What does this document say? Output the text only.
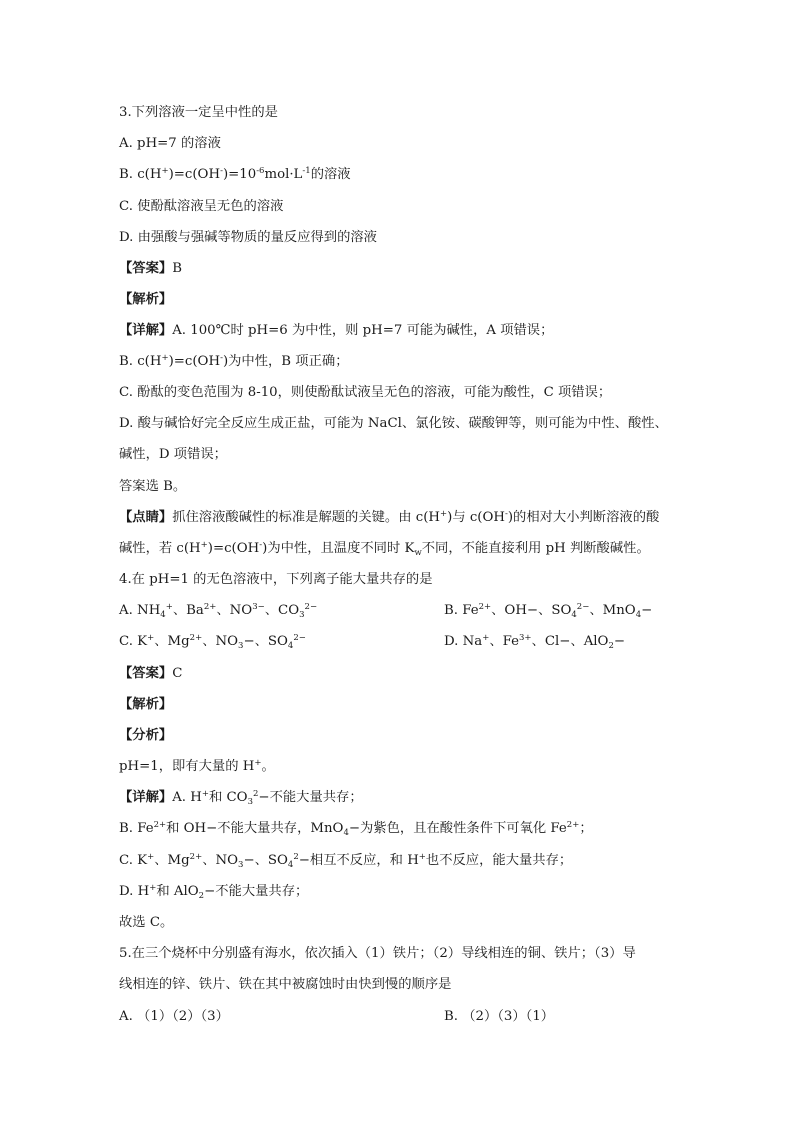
3.下列溶液一定呈中性的是
A. pH=7 的溶液
B. $c(H^+)=c(OH^-)=10^{-6}mol\cdot L^{-1}$的溶液
C. 使酚酞溶液呈无色的溶液
D. 由强酸与强碱等物质的量反应得到的溶液
【答案】B
【解析】
【详解】A. 100℃时 pH=6 为中性，则 pH=7 可能为碱性，A 项错误；
B. c(H+)=c(OH-)为中性，B 项正确；
C. 酚酞的变色范围为 8-10，则使酚酞试液呈无色的溶液，可能为酸性，C 项错误；
D. 酸与碱恰好完全反应生成正盐，可能为 NaCl、氯化铵、碳酸钾等，则可能为中性、酸性、
碱性，D 项错误；
答案选 B。
【点睛】抓住溶液酸碱性的标准是解题的关键。由 c(H+)与 c(OH-)的相对大小判断溶液的酸
碱性，若 c(H+)=c(OH-)为中性，且温度不同时 $K_w$不同，不能直接利用 pH 判断酸碱性。
4.在 pH=1 的无色溶液中，下列离子能大量共存的是
A. $NH_4^+$、$Ba^{2+}$、$NO^{3-}$、$CO_3^{2-}$	B. $Fe^{2+}$、OH−、$SO_4^{2-}$、MnO$_4$−
C. K+、$Mg^{2+}$、$NO_3-$、$SO_4^{2-}$	D. Na+、$Fe^{3+}$、Cl−、AlO$_2$−
【答案】C
【解析】
【分析】
pH=1，即有大量的 H+。
【详解】A. H+和 $CO_3^2-$不能大量共存；
B. $Fe^{2+}$和 OH−不能大量共存，MnO$_4$−为紫色，且在酸性条件下可氧化 $Fe^{2+}$；
C. K+、$Mg^{2+}$、$NO_3-$、$SO_4^2-$相互不反应，和 H+也不反应，能大量共存；
D. H+和 AlO$_2$−不能大量共存；
故选 C。
5.在三个烧杯中分别盛有海水，依次插入（1）铁片；（2）导线相连的铜、铁片；（3）导
线相连的锌、铁片、铁在其中被腐蚀时由快到慢的顺序是
A. （1）（2）（3）	B. （2）（3）（1）
